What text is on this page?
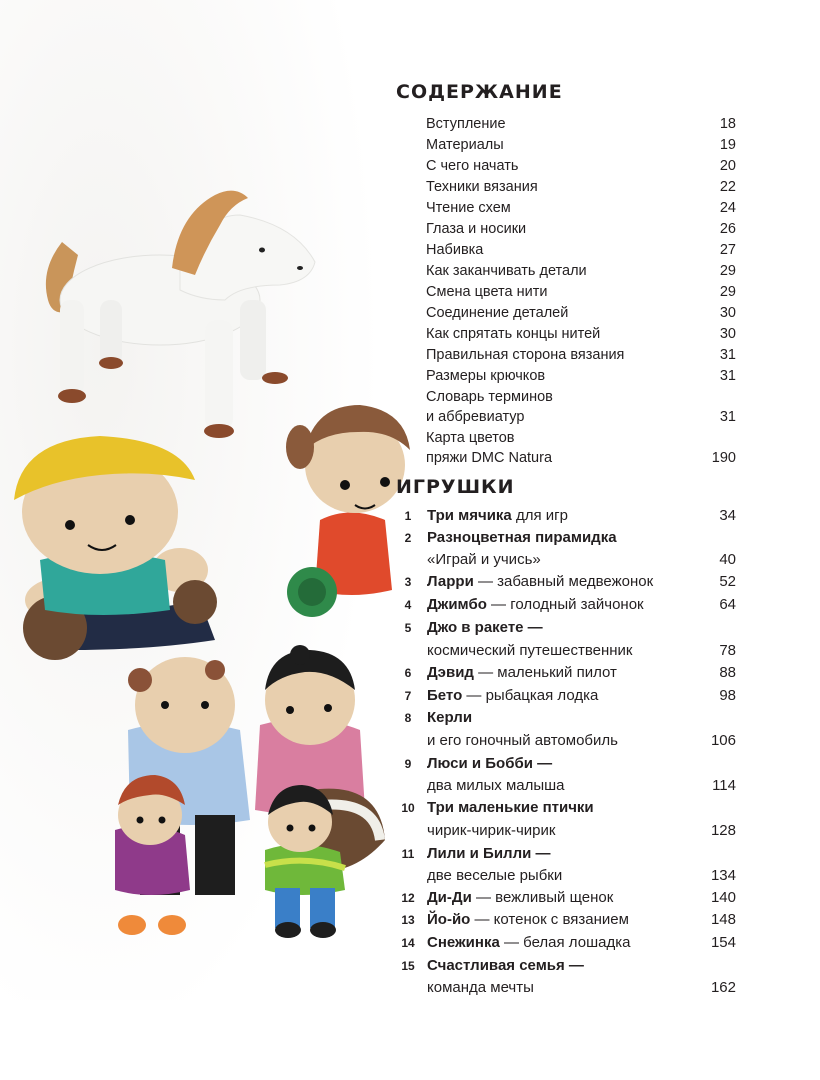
СОДЕРЖАНИЕ
Вступление	18
Материалы	19
С чего начать	20
Техники вязания	22
Чтение схем	24
Глаза и носики	26
Набивка	27
Как заканчивать детали	29
Смена цвета нити	29
Соединение деталей	30
Как спрятать концы нитей	30
Правильная сторона вязания	31
Размеры крючков	31
Словарь терминов
и аббревиатур	31
Карта цветов
пряжи DMC Natura	190
ИГРУШКИ
1	Три мячика для игр	34
2	Разноцветная пирамидка
«Играй и учись»	40
3	Ларри — забавный медвежонок	52
4	Джимбо — голодный зайчонок	64
5	Джо в ракете —
космический путешественник	78
6	Дэвид — маленький пилот	88
7	Бето — рыбацкая лодка	98
8	Керли
и его гоночный автомобиль	106
9	Люси и Бобби —
два милых малыша	114
10 Три маленькие птички
чирик-чирик-чирик	128
11 Лили и Билли —
две веселые рыбки	134
12 Ди-Ди — вежливый щенок	140
13 Йо-йо — котенок с вязанием	148
14 Снежинка — белая лошадка	154
15 Счастливая семья —
команда мечты	162
